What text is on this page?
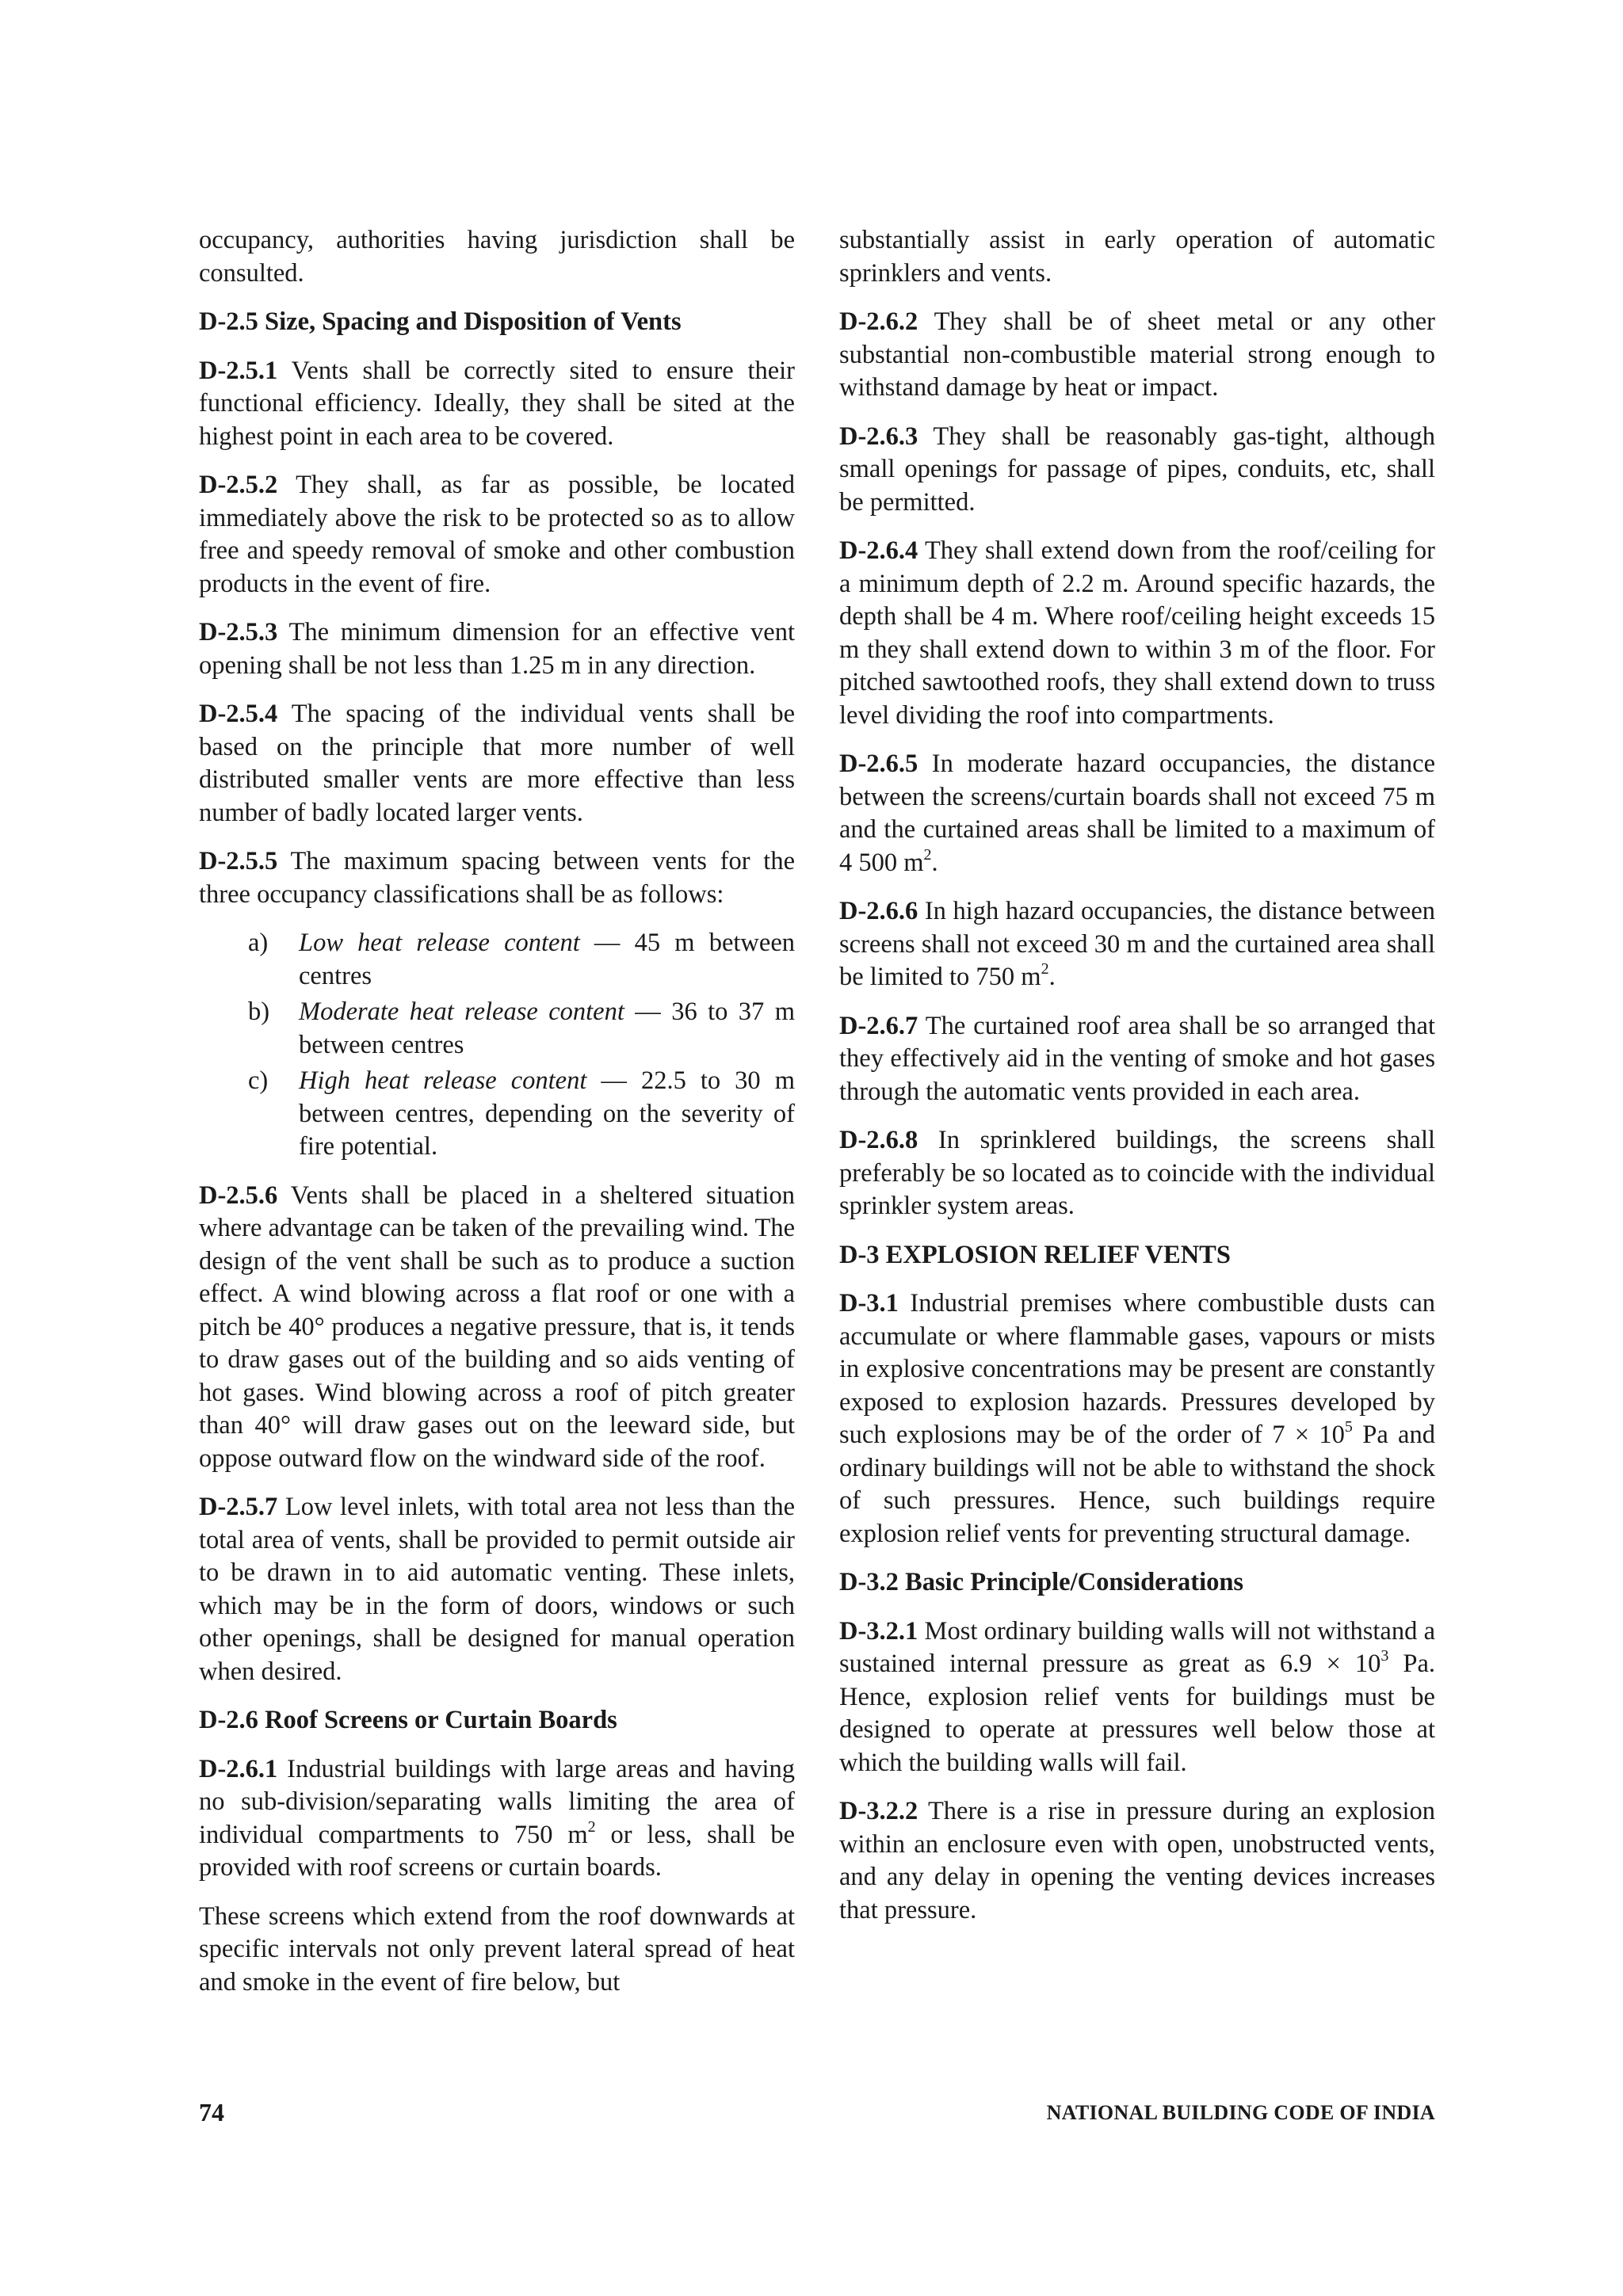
occupancy, authorities having jurisdiction shall be consulted.

D-2.5 Size, Spacing and Disposition of Vents

D-2.5.1 Vents shall be correctly sited to ensure their functional efficiency. Ideally, they shall be sited at the highest point in each area to be covered.

D-2.5.2 They shall, as far as possible, be located immediately above the risk to be protected so as to allow free and speedy removal of smoke and other combustion products in the event of fire.

D-2.5.3 The minimum dimension for an effective vent opening shall be not less than 1.25 m in any direction.

D-2.5.4 The spacing of the individual vents shall be based on the principle that more number of well distributed smaller vents are more effective than less number of badly located larger vents.

D-2.5.5 The maximum spacing between vents for the three occupancy classifications shall be as follows:

a)	Low heat release content — 45 m between centres
b)	Moderate heat release content — 36 to 37 m between centres
c)	High heat release content — 22.5 to 30 m between centres, depending on the severity of fire potential.

D-2.5.6 Vents shall be placed in a sheltered situation where advantage can be taken of the prevailing wind. The design of the vent shall be such as to produce a suction effect. A wind blowing across a flat roof or one with a pitch be 40° produces a negative pressure, that is, it tends to draw gases out of the building and so aids venting of hot gases. Wind blowing across a roof of pitch greater than 40° will draw gases out on the leeward side, but oppose outward flow on the windward side of the roof.

D-2.5.7 Low level inlets, with total area not less than the total area of vents, shall be provided to permit outside air to be drawn in to aid automatic venting. These inlets, which may be in the form of doors, windows or such other openings, shall be designed for manual operation when desired.

D-2.6 Roof Screens or Curtain Boards

D-2.6.1 Industrial buildings with large areas and having no sub-division/separating walls limiting the area of individual compartments to 750 $m^2$ or less, shall be provided with roof screens or curtain boards.

These screens which extend from the roof downwards at specific intervals not only prevent lateral spread of heat and smoke in the event of fire below, but

substantially assist in early operation of automatic sprinklers and vents.

D-2.6.2 They shall be of sheet metal or any other substantial non-combustible material strong enough to withstand damage by heat or impact.

D-2.6.3 They shall be reasonably gas-tight, although small openings for passage of pipes, conduits, etc, shall be permitted.

D-2.6.4 They shall extend down from the roof/ceiling for a minimum depth of 2.2 m. Around specific hazards, the depth shall be 4 m. Where roof/ceiling height exceeds 15 m they shall extend down to within 3 m of the floor. For pitched sawtoothed roofs, they shall extend down to truss level dividing the roof into compartments.

D-2.6.5 In moderate hazard occupancies, the distance between the screens/curtain boards shall not exceed 75 m and the curtained areas shall be limited to a maximum of 4 500 $m^2$.

D-2.6.6 In high hazard occupancies, the distance between screens shall not exceed 30 m and the curtained area shall be limited to 750 $m^2$.

D-2.6.7 The curtained roof area shall be so arranged that they effectively aid in the venting of smoke and hot gases through the automatic vents provided in each area.

D-2.6.8 In sprinklered buildings, the screens shall preferably be so located as to coincide with the individual sprinkler system areas.

D-3 EXPLOSION RELIEF VENTS

D-3.1 Industrial premises where combustible dusts can accumulate or where flammable gases, vapours or mists in explosive concentrations may be present are constantly exposed to explosion hazards. Pressures developed by such explosions may be of the order of $7 \times 10^5$ Pa and ordinary buildings will not be able to withstand the shock of such pressures. Hence, such buildings require explosion relief vents for preventing structural damage.

D-3.2 Basic Principle/Considerations

D-3.2.1 Most ordinary building walls will not withstand a sustained internal pressure as great as $6.9 \times 10^3$ Pa. Hence, explosion relief vents for buildings must be designed to operate at pressures well below those at which the building walls will fail.

D-3.2.2 There is a rise in pressure during an explosion within an enclosure even with open, unobstructed vents, and any delay in opening the venting devices increases that pressure.

74	NATIONAL BUILDING CODE OF INDIA
